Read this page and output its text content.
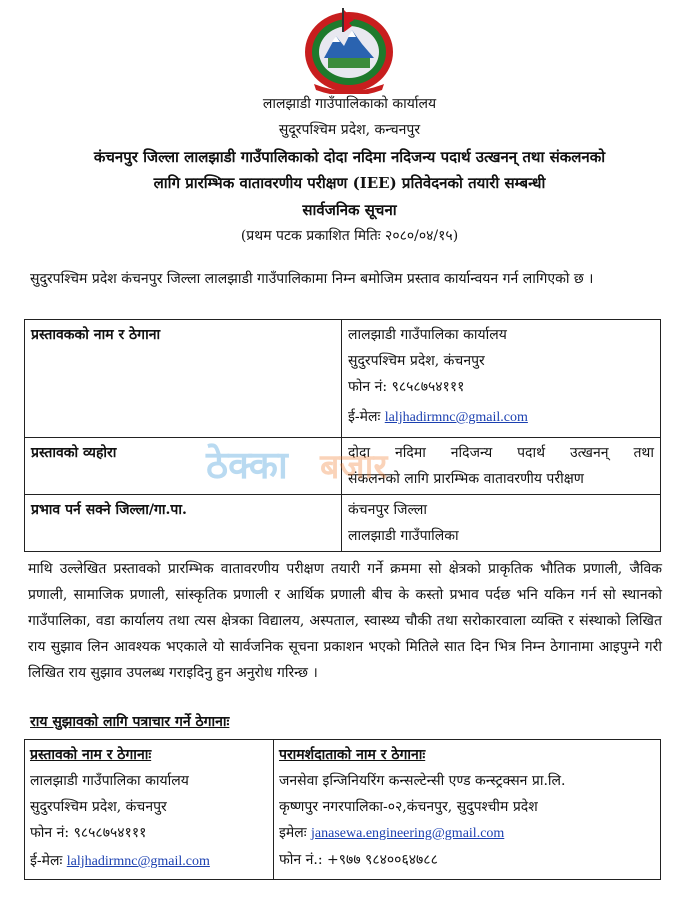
लालझाडी गाउँपालिकाको कार्यालय
सुदूरपश्चिम प्रदेश, कन्चनपुर
कंचनपुर जिल्ला लालझाडी गाउँपालिकाको दोदा नदिमा नदिजन्य पदार्थ उत्खनन् तथा संकलनको
लागि प्रारम्भिक वातावरणीय परीक्षण (IEE) प्रतिवेदनको तयारी सम्बन्धी
सार्वजनिक सूचना
(प्रथम पटक प्रकाशित मितिः २०८०/०४/१५)
सुदुरपश्चिम प्रदेश कंचनपुर जिल्ला लालझाडी गाउँपालिकामा निम्न बमोजिम प्रस्ताव कार्यान्वयन गर्न लागिएको छ ।
प्रस्तावकको नाम र ठेगाना	लालझाडी गाउँपालिका कार्यालय
सुदुरपश्चिम प्रदेश, कंचनपुर
फोन नं: ९८५८७५४१११
ई-मेलः laljhadirmnc@gmail.com

प्रस्तावको व्यहोरा	दोदा नदिमा नदिजन्य पदार्थ उत्खनन् तथा
संकलनको लागि प्रारम्भिक वातावरणीय परीक्षण

प्रभाव पर्न सक्ने जिल्ला/गा.पा.	कंचनपुर जिल्ला
लालझाडी गाउँपालिका
ठेक्का बजार
माथि उल्लेखित प्रस्तावको प्रारम्भिक वातावरणीय परीक्षण तयारी गर्ने क्रममा सो क्षेत्रको प्राकृतिक भौतिक प्रणाली, जैविक प्रणाली, सामाजिक प्रणाली, सांस्कृतिक प्रणाली र आर्थिक प्रणाली बीच के कस्तो प्रभाव पर्दछ भनि यकिन गर्न सो स्थानको गाउँपालिका, वडा कार्यालय तथा त्यस क्षेत्रका विद्यालय, अस्पताल, स्वास्थ्य चौकी तथा सरोकारवाला व्यक्ति र संस्थाको लिखित राय सुझाव लिन आवश्यक भएकाले यो सार्वजनिक सूचना प्रकाशन भएको मितिले सात दिन भित्र निम्न ठेगानामा आइपुग्ने गरी लिखित राय सुझाव उपलब्ध गराइदिनु हुन अनुरोध गरिन्छ ।
राय सुझावको लागि पत्राचार गर्ने ठेगानाः
प्रस्तावको नाम र ठेगानाः
लालझाडी गाउँपालिका कार्यालय
सुदुरपश्चिम प्रदेश, कंचनपुर
फोन नं: ९८५८७५४१११
ई-मेलः laljhadirmnc@gmail.com

परामर्शदाताको नाम र ठेगानाः
जनसेवा इन्जिनियरिंग कन्सल्टेन्सी एण्ड कन्स्ट्रक्सन प्रा.लि.
कृष्णपुर नगरपालिका-०२,कंचनपुर, सुदुपश्चीम प्रदेश
इमेलः janasewa.engineering@gmail.com
फोन नं.: +९७७ ९८४००६४७८८
